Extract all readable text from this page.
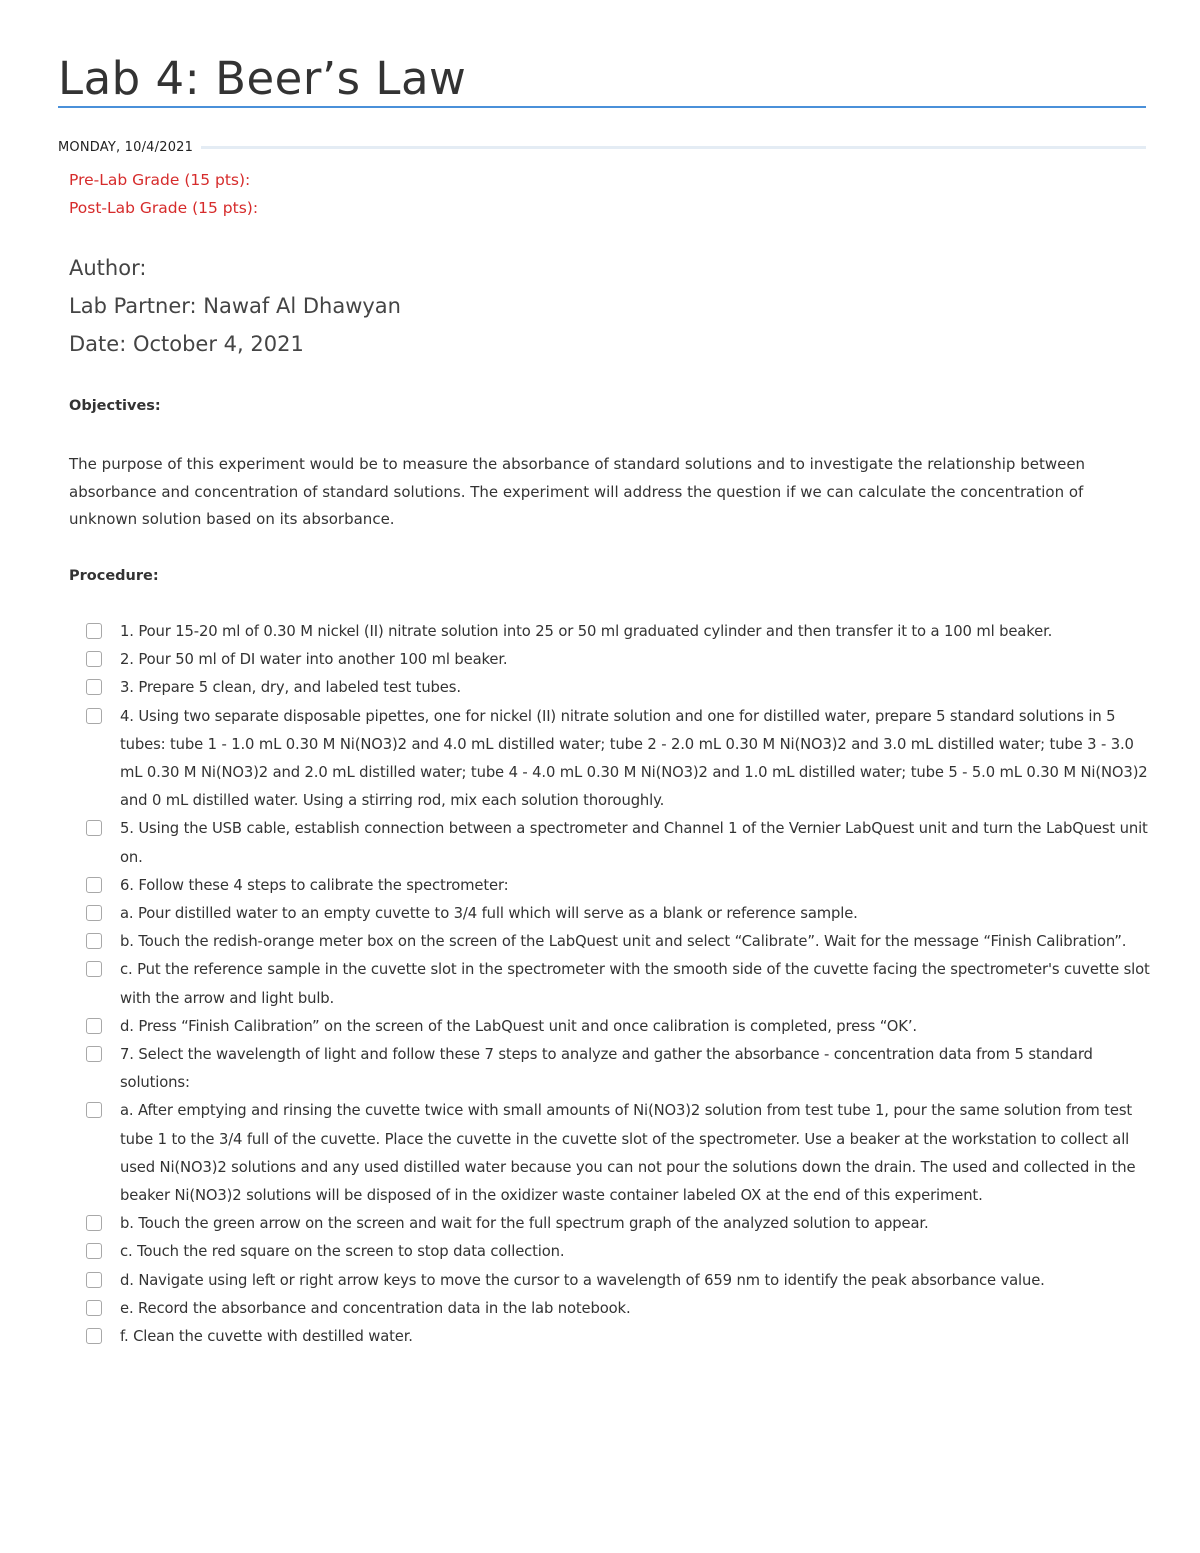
Lab 4: Beer’s Law
MONDAY, 10/4/2021
Pre-Lab Grade (15 pts):
Post-Lab Grade (15 pts):
Author:
Lab Partner: Nawaf Al Dhawyan
Date: October 4, 2021
Objectives:

The purpose of this experiment would be to measure the absorbance of standard solutions and to investigate the relationship between absorbance and concentration of standard solutions. The experiment will address the question if we can calculate the concentration of unknown solution based on its absorbance.

Procedure:
1. Pour 15-20 ml of 0.30 M nickel (II) nitrate solution into 25 or 50 ml graduated cylinder and then transfer it to a 100 ml beaker.
2. Pour 50 ml of DI water into another 100 ml beaker.
3. Prepare 5 clean, dry, and labeled test tubes.
4. Using two separate disposable pipettes, one for nickel (II) nitrate solution and one for distilled water, prepare 5 standard solutions in 5 tubes: tube 1 - 1.0 mL 0.30 M Ni(NO3)2 and 4.0 mL distilled water; tube 2 - 2.0 mL 0.30 M Ni(NO3)2 and 3.0 mL distilled water; tube 3 - 3.0 mL 0.30 M Ni(NO3)2 and 2.0 mL distilled water; tube 4 - 4.0 mL 0.30 M Ni(NO3)2 and 1.0 mL distilled water; tube 5 - 5.0 mL 0.30 M Ni(NO3)2 and 0 mL distilled water. Using a stirring rod, mix each solution thoroughly.
5. Using the USB cable, establish connection between a spectrometer and Channel 1 of the Vernier LabQuest unit and turn the LabQuest unit on.
6. Follow these 4 steps to calibrate the spectrometer:
a. Pour distilled water to an empty cuvette to 3/4 full which will serve as a blank or reference sample.
b. Touch the redish-orange meter box on the screen of the LabQuest unit and select “Calibrate”. Wait for the message “Finish Calibration”.
c. Put the reference sample in the cuvette slot in the spectrometer with the smooth side of the cuvette facing the spectrometer's cuvette slot with the arrow and light bulb.
d. Press “Finish Calibration” on the screen of the LabQuest unit and once calibration is completed, press “OK’.
7. Select the wavelength of light and follow these 7 steps to analyze and gather the absorbance - concentration data from 5 standard solutions:
a. After emptying and rinsing the cuvette twice with small amounts of Ni(NO3)2 solution from test tube 1, pour the same solution from test tube 1 to the 3/4 full of the cuvette. Place the cuvette in the cuvette slot of the spectrometer. Use a beaker at the workstation to collect all used Ni(NO3)2 solutions and any used distilled water because you can not pour the solutions down the drain. The used and collected in the beaker Ni(NO3)2 solutions will be disposed of in the oxidizer waste container labeled OX at the end of this experiment.
b. Touch the green arrow on the screen and wait for the full spectrum graph of the analyzed solution to appear.
c. Touch the red square on the screen to stop data collection.
d. Navigate using left or right arrow keys to move the cursor to a wavelength of 659 nm to identify the peak absorbance value.
e. Record the absorbance and concentration data in the lab notebook.
f. Clean the cuvette with destilled water.
